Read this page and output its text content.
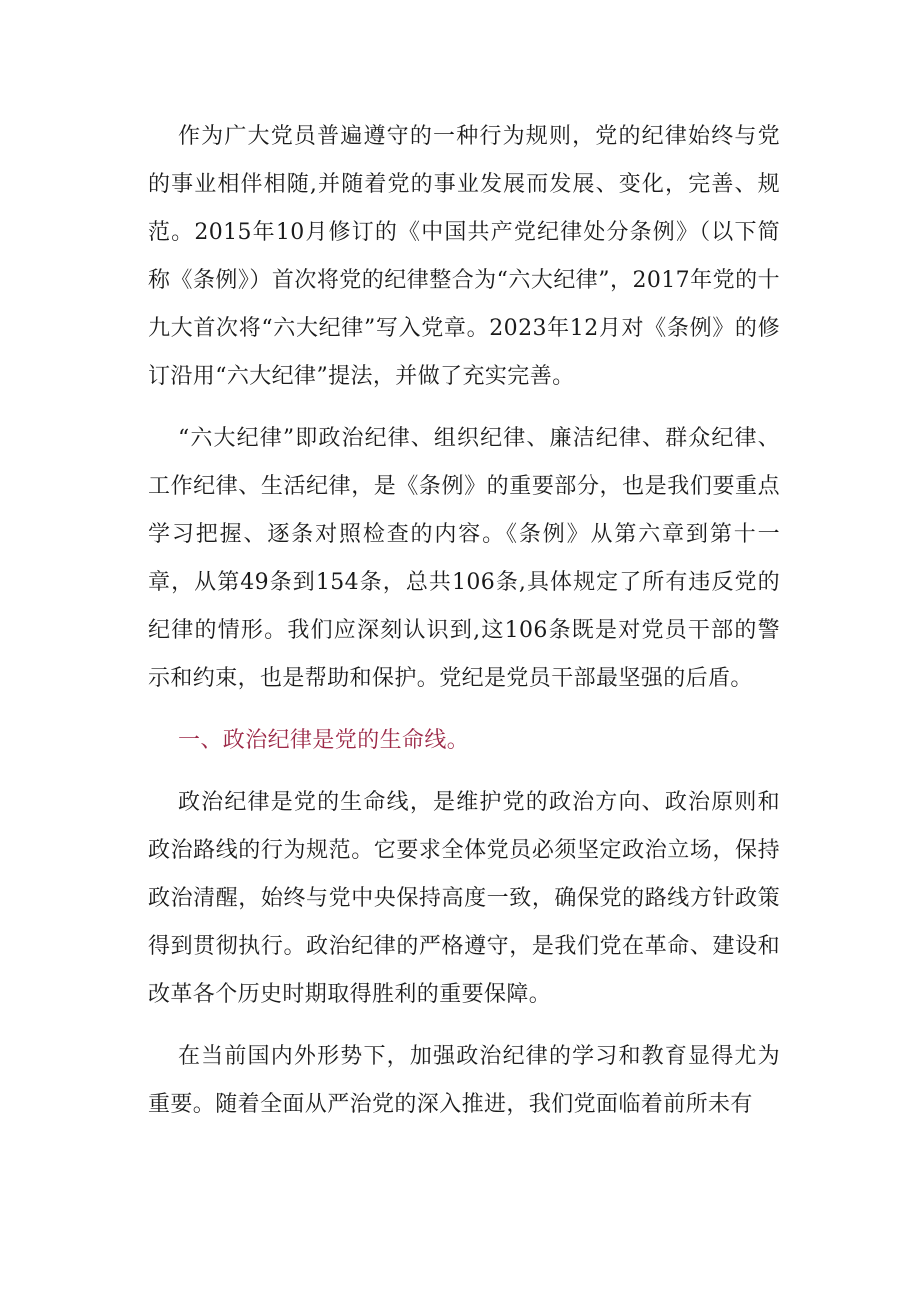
作为广大党员普遍遵守的一种行为规则，党的纪律始终与党的事业相伴相随,并随着党的事业发展而发展、变化，完善、规范。2015年10月修订的《中国共产党纪律处分条例》（以下简称《条例》）首次将党的纪律整合为“六大纪律”，2017年党的十九大首次将“六大纪律”写入党章。2023年12月对《条例》的修订沿用“六大纪律”提法，并做了充实完善。

“六大纪律”即政治纪律、组织纪律、廉洁纪律、群众纪律、工作纪律、生活纪律，是《条例》的重要部分，也是我们要重点学习把握、逐条对照检查的内容。《条例》从第六章到第十一章，从第49条到154条，总共106条,具体规定了所有违反党的纪律的情形。我们应深刻认识到,这106条既是对党员干部的警示和约束，也是帮助和保护。党纪是党员干部最坚强的后盾。

一、政治纪律是党的生命线。

政治纪律是党的生命线，是维护党的政治方向、政治原则和政治路线的行为规范。它要求全体党员必须坚定政治立场，保持政治清醒，始终与党中央保持高度一致，确保党的路线方针政策得到贯彻执行。政治纪律的严格遵守，是我们党在革命、建设和改革各个历史时期取得胜利的重要保障。

在当前国内外形势下，加强政治纪律的学习和教育显得尤为重要。随着全面从严治党的深入推进，我们党面临着前所未有
